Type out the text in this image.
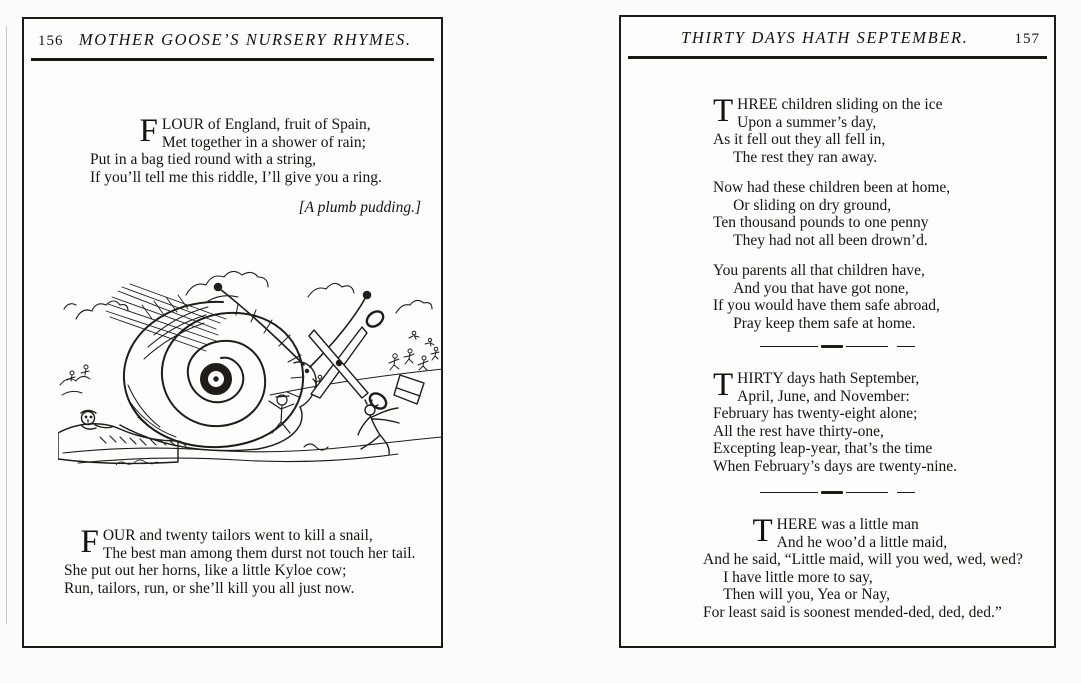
156 MOTHER GOOSE’S NURSERY RHYMES.
F LOUR of England, fruit of Spain,
Met together in a shower of rain;
Put in a bag tied round with a string,
If you’ll tell me this riddle, I’ll give you a ring.
[A plumb pudding.]
F OUR and twenty tailors went to kill a snail,
The best man among them durst not touch her tail.
She put out her horns, like a little Kyloe cow;
Run, tailors, run, or she’ll kill you all just now.
THIRTY DAYS HATH SEPTEMBER.	157
T HREE children sliding on the ice
Upon a summer’s day,
As it fell out they all fell in,
The rest they ran away.
Now had these children been at home,
Or sliding on dry ground,
Ten thousand pounds to one penny
They had not all been drown’d.
You parents all that children have,
And you that have got none,
If you would have them safe abroad,
Pray keep them safe at home.
T HIRTY days hath September,
April, June, and November:
February has twenty-eight alone;
All the rest have thirty-one,
Excepting leap-year, that’s the time
When February’s days are twenty-nine.
T HERE was a little man
And he woo’d a little maid,
And he said, “Little maid, will you wed, wed, wed?
I have little more to say,
Then will you, Yea or Nay,
For least said is soonest mended-ded, ded, ded.”
